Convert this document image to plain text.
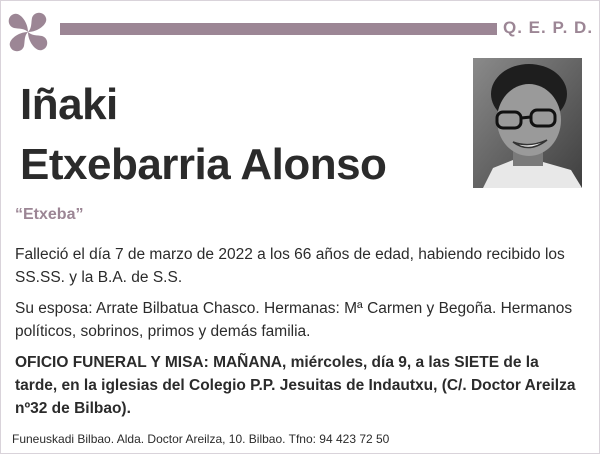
Q. E. P. D.
Iñaki
Etxebarria Alonso
“Etxeba”
Falleció el día 7 de marzo de 2022 a los 66 años de edad, habiendo recibido los SS.SS. y la B.A. de S.S.
Su esposa: Arrate Bilbatua Chasco. Hermanas: Mª Carmen y Begoña. Hermanos políticos, sobrinos, primos y demás familia.
OFICIO FUNERAL Y MISA: MAÑANA, miércoles, día 9, a las SIETE de la tarde, en la iglesias del Colegio P.P. Jesuitas de Indautxu, (C/. Doctor Areilza nº32 de Bilbao).
Funeuskadi Bilbao. Alda. Doctor Areilza, 10. Bilbao. Tfno: 94 423 72 50
